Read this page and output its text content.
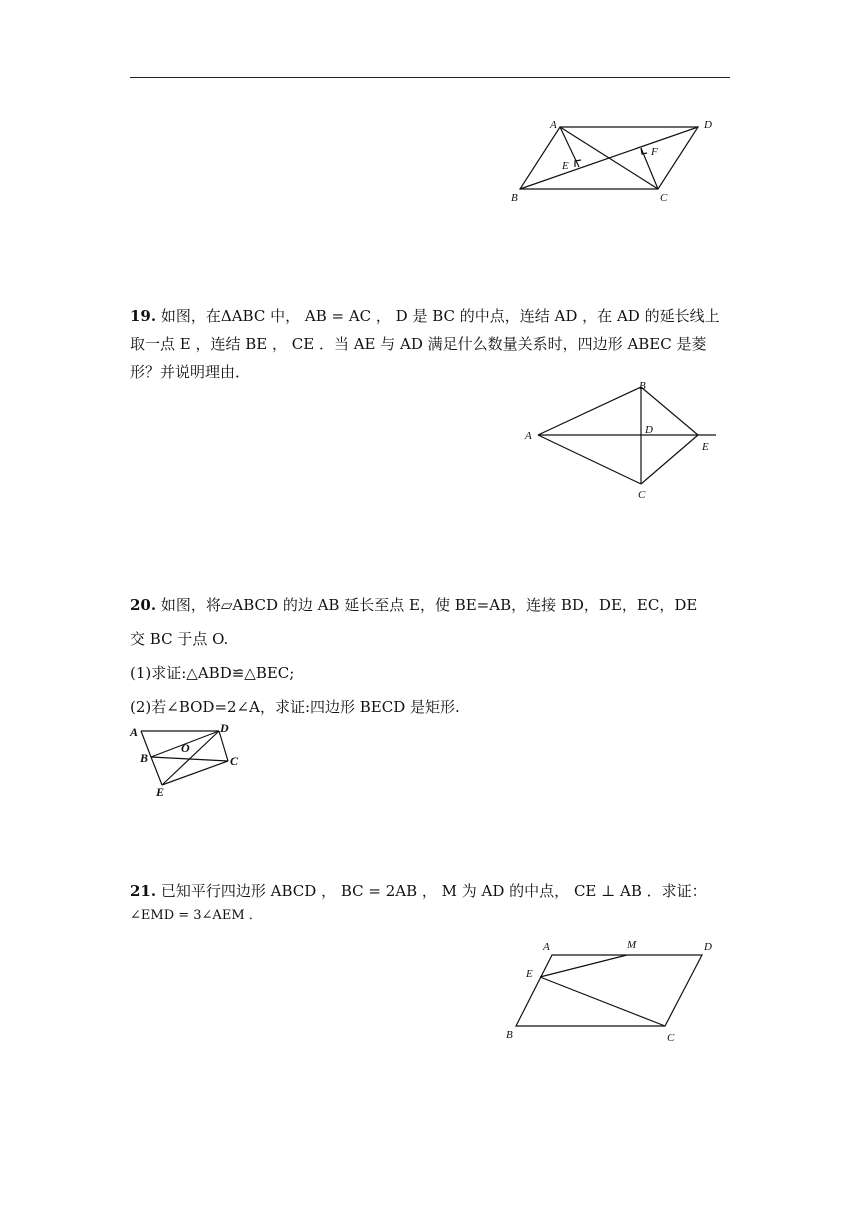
A	D
E
F
B	C
19. 如图，在ΔABC 中， AB = AC ， D 是 BC 的中点，连结 AD ，在 AD 的延长线上
取一点 E ，连结 BE ， CE ．当 AE 与 AD 满足什么数量关系时，四边形 ABEC 是菱
形？并说明理由．
B
A	D
E
C
20. 如图，将▱ABCD 的边 AB 延长至点 E，使 BE=AB，连接 BD，DE，EC，DE
交 BC 于点 O.
(1)求证:△ABD≌△BEC;
(2)若∠BOD=2∠A，求证:四边形 BECD 是矩形.
A	D
O
B	C
E
21. 已知平行四边形 ABCD ， BC = 2AB ， M 为 AD 的中点， CE ⊥ AB ．求证：
∠EMD = 3∠AEM ．
A	M	D
E
B	C
